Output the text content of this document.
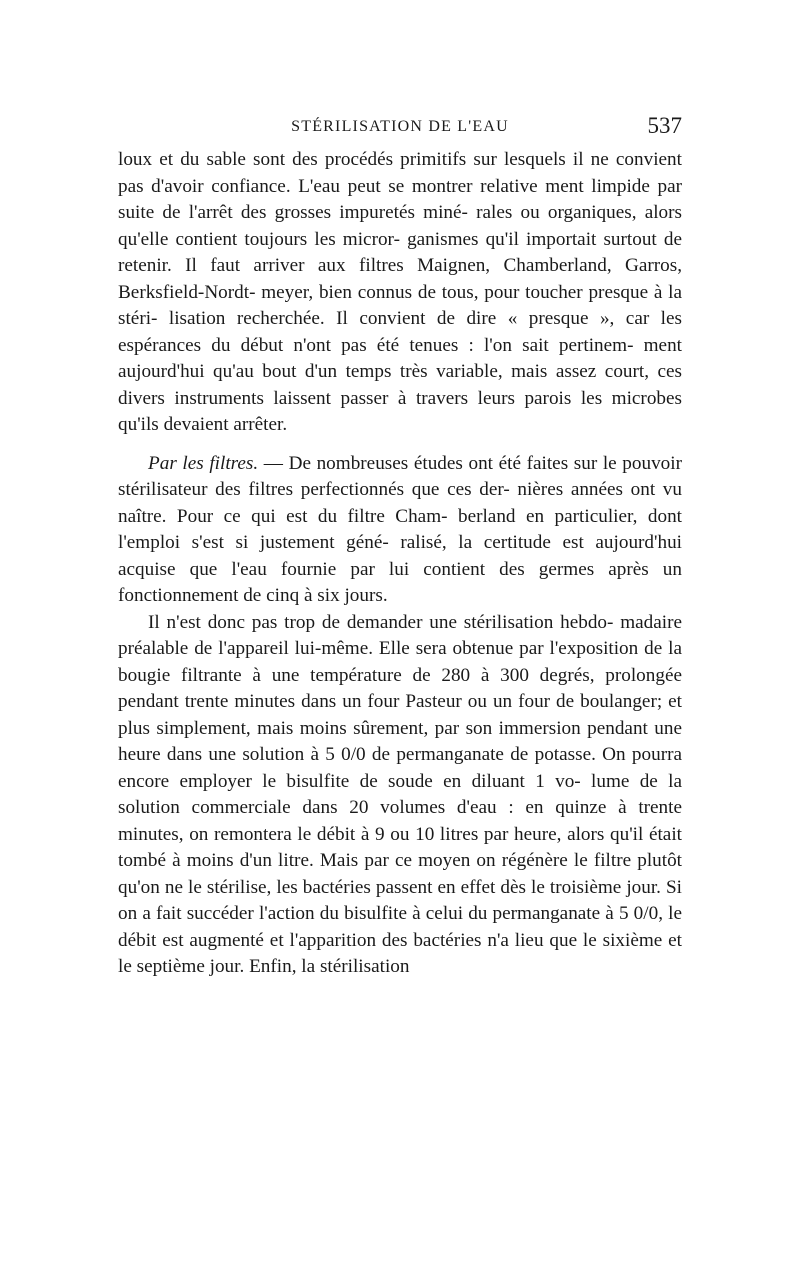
STÉRILISATION DE L'EAU	537

loux et du sable sont des procédés primitifs sur lesquels il ne convient pas d'avoir confiance. L'eau peut se montrer relative ment limpide par suite de l'arrêt des grosses impuretés miné- rales ou organiques, alors qu'elle contient toujours les micror- ganismes qu'il importait surtout de retenir. Il faut arriver aux filtres Maignen, Chamberland, Garros, Berksfield-Nordt- meyer, bien connus de tous, pour toucher presque à la stéri- lisation recherchée. Il convient de dire « presque », car les espérances du début n'ont pas été tenues : l'on sait pertinem- ment aujourd'hui qu'au bout d'un temps très variable, mais assez court, ces divers instruments laissent passer à travers leurs parois les microbes qu'ils devaient arrêter.

Par les filtres. — De nombreuses études ont été faites sur le pouvoir stérilisateur des filtres perfectionnés que ces der- nières années ont vu naître. Pour ce qui est du filtre Cham- berland en particulier, dont l'emploi s'est si justement géné- ralisé, la certitude est aujourd'hui acquise que l'eau fournie par lui contient des germes après un fonctionnement de cinq à six jours.

Il n'est donc pas trop de demander une stérilisation hebdo- madaire préalable de l'appareil lui-même. Elle sera obtenue par l'exposition de la bougie filtrante à une température de 280 à 300 degrés, prolongée pendant trente minutes dans un four Pasteur ou un four de boulanger; et plus simplement, mais moins sûrement, par son immersion pendant une heure dans une solution à 5 0/0 de permanganate de potasse. On pourra encore employer le bisulfite de soude en diluant 1 vo- lume de la solution commerciale dans 20 volumes d'eau : en quinze à trente minutes, on remontera le débit à 9 ou 10 litres par heure, alors qu'il était tombé à moins d'un litre. Mais par ce moyen on régénère le filtre plutôt qu'on ne le stérilise, les bactéries passent en effet dès le troisième jour. Si on a fait succéder l'action du bisulfite à celui du permanganate à 5 0/0, le débit est augmenté et l'apparition des bactéries n'a lieu que le sixième et le septième jour. Enfin, la stérilisation
